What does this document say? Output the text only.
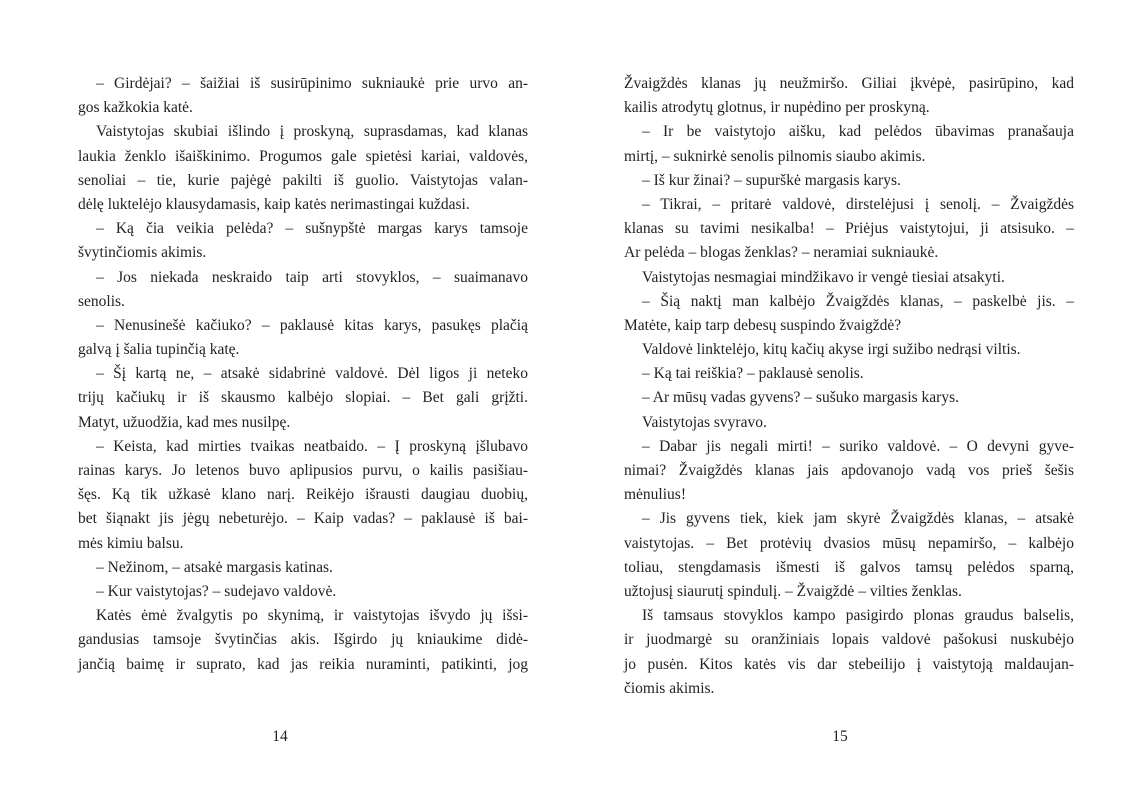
– Girdėjai? – šaižiai iš susirūpinimo sukniaukė prie urvo an-
gos kažkokia katė.
Vaistytojas skubiai išlindo į proskyną, suprasdamas, kad klanas
laukia ženklo išaiškinimo. Progumos gale spietėsi kariai, valdovės,
senoliai – tie, kurie pajėgė pakilti iš guolio. Vaistytojas valan-
dėlę luktelėjo klausydamasis, kaip katės nerimastingai kuždasi.
– Ką čia veikia pelėda? – sušnypštė margas karys tamsoje
švytinčiomis akimis.
– Jos niekada neskraido taip arti stovyklos, – suaimanavo
senolis.
– Nenusinešė kačiuko? – paklausė kitas karys, pasukęs plačią
galvą į šalia tupinčią katę.
– Šį kartą ne, – atsakė sidabrinė valdovė. Dėl ligos ji neteko
trijų kačiukų ir iš skausmo kalbėjo slopiai. – Bet gali grįžti.
Matyt, užuodžia, kad mes nusilpę.
– Keista, kad mirties tvaikas neatbaido. – Į proskyną įšlubavo
rainas karys. Jo letenos buvo aplipusios purvu, o kailis pasišiau-
šęs. Ką tik užkasė klano narį. Reikėjo išrausti daugiau duobių,
bet šiąnakt jis jėgų nebeturėjo. – Kaip vadas? – paklausė iš bai-
mės kimiu balsu.
– Nežinom, – atsakė margasis katinas.
– Kur vaistytojas? – sudejavo valdovė.
Katės ėmė žvalgytis po skynimą, ir vaistytojas išvydo jų išsi-
gandusias tamsoje švytinčias akis. Išgirdo jų kniaukime didė-
jančią baimę ir suprato, kad jas reikia nuraminti, patikinti, jog
Žvaigždės klanas jų neužmiršo. Giliai įkvėpė, pasirūpino, kad
kailis atrodytų glotnus, ir nupėdino per proskyną.
– Ir be vaistytojo aišku, kad pelėdos ūbavimas pranašauja
mirtį, – suknirkė senolis pilnomis siaubo akimis.
– Iš kur žinai? – supurškė margasis karys.
– Tikrai, – pritarė valdovė, dirstelėjusi į senolį. – Žvaigždės
klanas su tavimi nesikalba! – Priėjus vaistytojui, ji atsisuko. –
Ar pelėda – blogas ženklas? – neramiai sukniaukė.
Vaistytojas nesmagiai mindžikavo ir vengė tiesiai atsakyti.
– Šią naktį man kalbėjo Žvaigždės klanas, – paskelbė jis. –
Matėte, kaip tarp debesų suspindo žvaigždė?
Valdovė linktelėjo, kitų kačių akyse irgi sužibo nedrąsi viltis.
– Ką tai reiškia? – paklausė senolis.
– Ar mūsų vadas gyvens? – sušuko margasis karys.
Vaistytojas svyravo.
– Dabar jis negali mirti! – suriko valdovė. – O devyni gyve-
nimai? Žvaigždės klanas jais apdovanojo vadą vos prieš šešis
mėnulius!
– Jis gyvens tiek, kiek jam skyrė Žvaigždės klanas, – atsakė
vaistytojas. – Bet protėvių dvasios mūsų nepamiršo, – kalbėjo
toliau, stengdamasis išmesti iš galvos tamsų pelėdos sparną,
užtojusį siaurutį spindulį. – Žvaigždė – vilties ženklas.
Iš tamsaus stovyklos kampo pasigirdo plonas graudus balselis,
ir juodmargė su oranžiniais lopais valdovė pašokusi nuskubėjo
jo pusėn. Kitos katės vis dar stebeilijo į vaistytoją maldaujan-
čiomis akimis.
14	15
